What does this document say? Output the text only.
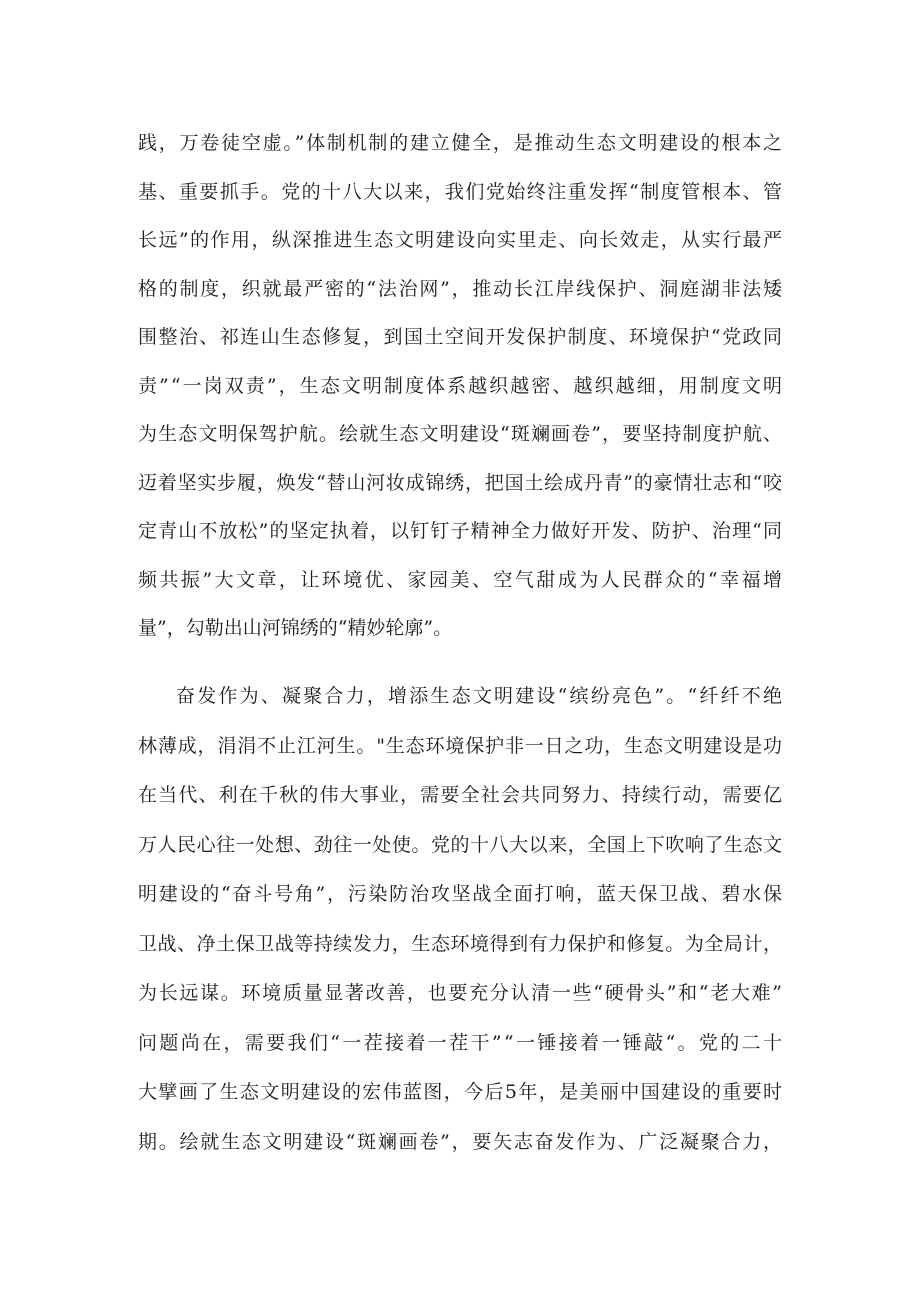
践，万卷徒空虚。”体制机制的建立健全，是推动生态文明建设的根本之
基、重要抓手。党的十八大以来，我们党始终注重发挥“制度管根本、管
长远”的作用，纵深推进生态文明建设向实里走、向长效走，从实行最严
格的制度，织就最严密的“法治网”，推动长江岸线保护、洞庭湖非法矮
围整治、祁连山生态修复，到国土空间开发保护制度、环境保护“党政同
责”“一岗双责”，生态文明制度体系越织越密、越织越细，用制度文明
为生态文明保驾护航。绘就生态文明建设“斑斓画卷”，要坚持制度护航、
迈着坚实步履，焕发“替山河妆成锦绣，把国土绘成丹青”的豪情壮志和“咬
定青山不放松”的坚定执着，以钉钉子精神全力做好开发、防护、治理“同
频共振”大文章，让环境优、家园美、空气甜成为人民群众的“幸福增
量”，勾勒出山河锦绣的“精妙轮廓”。
奋发作为、凝聚合力，增添生态文明建设“缤纷亮色”。“纤纤不绝
林薄成，涓涓不止江河生。"生态环境保护非一日之功，生态文明建设是功
在当代、利在千秋的伟大事业，需要全社会共同努力、持续行动，需要亿
万人民心往一处想、劲往一处使。党的十八大以来，全国上下吹响了生态文
明建设的“奋斗号角”，污染防治攻坚战全面打响，蓝天保卫战、碧水保
卫战、净土保卫战等持续发力，生态环境得到有力保护和修复。为全局计，
为长远谋。环境质量显著改善，也要充分认清一些“硬骨头”和“老大难”
问题尚在，需要我们“一茬接着一茬干”“一锤接着一锤敲“。党的二十
大擘画了生态文明建设的宏伟蓝图，今后5年，是美丽中国建设的重要时
期。绘就生态文明建设“斑斓画卷”，要矢志奋发作为、广泛凝聚合力，
